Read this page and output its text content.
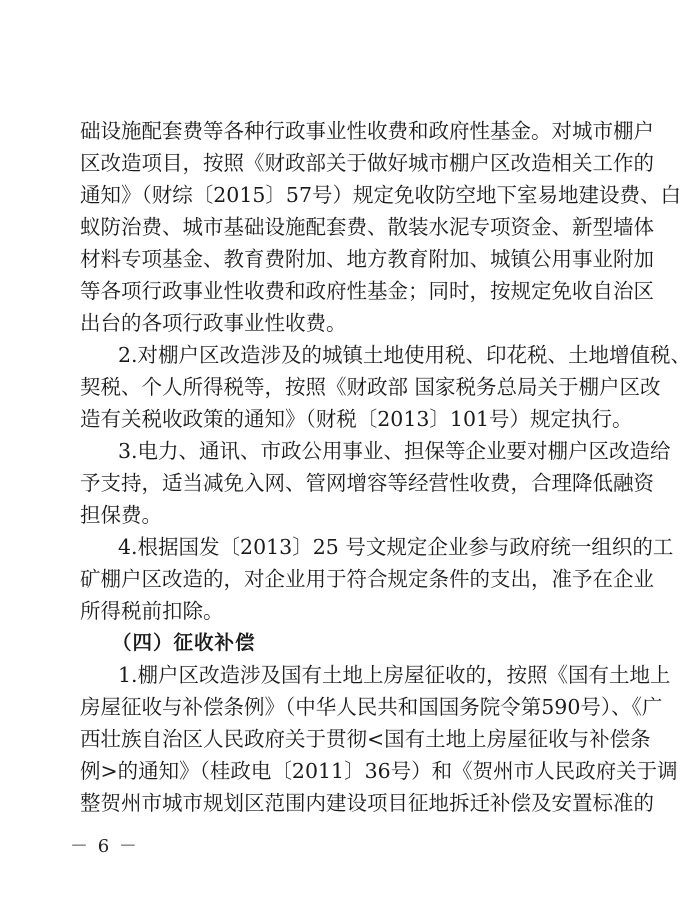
础设施配套费等各种行政事业性收费和政府性基金。对城市棚户
区改造项目，按照《财政部关于做好城市棚户区改造相关工作的
通知》（财综〔2015〕57号）规定免收防空地下室易地建设费、白
蚁防治费、城市基础设施配套费、散装水泥专项资金、新型墙体
材料专项基金、教育费附加、地方教育附加、城镇公用事业附加
等各项行政事业性收费和政府性基金；同时，按规定免收自治区
出台的各项行政事业性收费。
2.对棚户区改造涉及的城镇土地使用税、印花税、土地增值税、
契税、个人所得税等，按照《财政部 国家税务总局关于棚户区改
造有关税收政策的通知》（财税〔2013〕101号）规定执行。
3.电力、通讯、市政公用事业、担保等企业要对棚户区改造给
予支持，适当减免入网、管网增容等经营性收费，合理降低融资
担保费。
4.根据国发〔2013〕25 号文规定企业参与政府统一组织的工
矿棚户区改造的，对企业用于符合规定条件的支出，准予在企业
所得税前扣除。
（四）征收补偿
1.棚户区改造涉及国有土地上房屋征收的，按照《国有土地上
房屋征收与补偿条例》（中华人民共和国国务院令第590号）、《广
西壮族自治区人民政府关于贯彻<国有土地上房屋征收与补偿条
例>的通知》（桂政电〔2011〕36号）和《贺州市人民政府关于调
整贺州市城市规划区范围内建设项目征地拆迁补偿及安置标准的
－ 6 －
